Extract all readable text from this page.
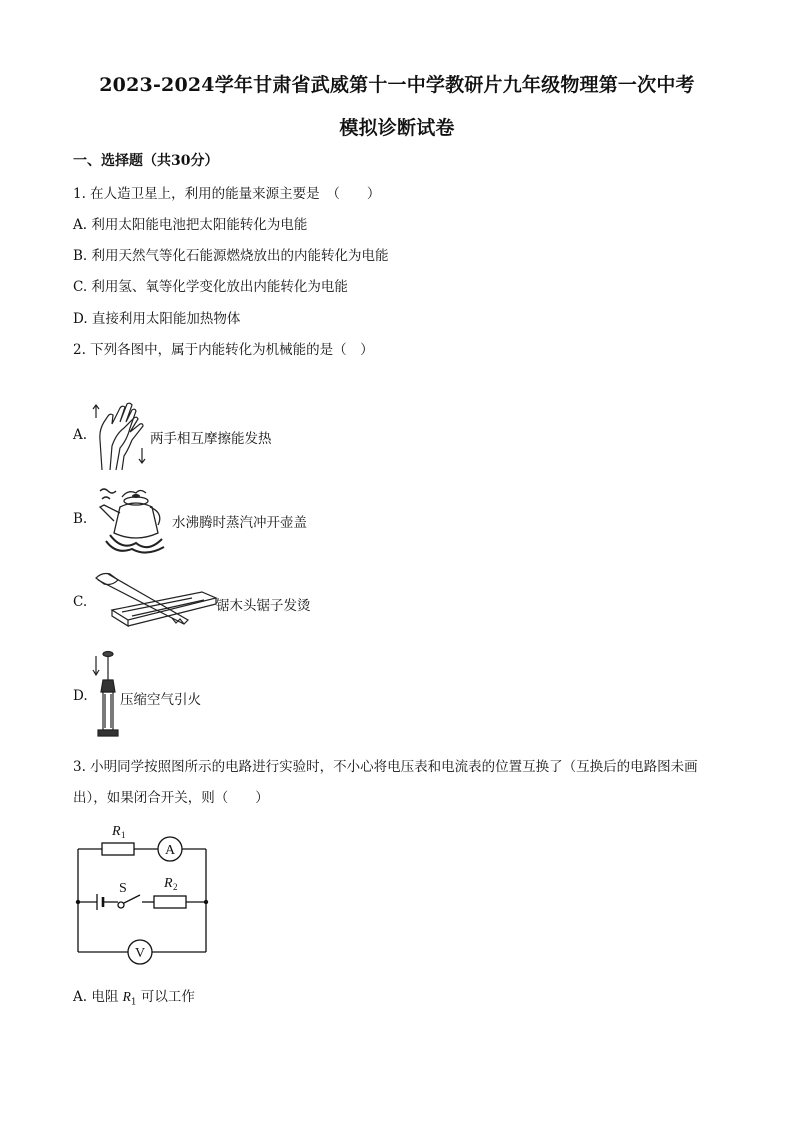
2023-2024学年甘肃省武威第十一中学教研片九年级物理第一次中考
模拟诊断试卷
一、选择题（共30分）
1. 在人造卫星上，利用的能量来源主要是　（　　）
A. 利用太阳能电池把太阳能转化为电能
B. 利用天然气等化石能源燃烧放出的内能转化为电能
C. 利用氢、氧等化学变化放出内能转化为电能
D. 直接利用太阳能加热物体
2. 下列各图中，属于内能转化为机械能的是（　）
A.	两手相互摩擦能发热
B.	水沸腾时蒸汽冲开壶盖
C.	锯木头锯子发烫
D. 压缩空气引火
3. 小明同学按照图所示的电路进行实验时，不小心将电压表和电流表的位置互换了（互换后的电路图未画
出），如果闭合开关，则（　　）
R 1
A
S	R 2
V
A. 电阻 $R_1$ 可以工作
